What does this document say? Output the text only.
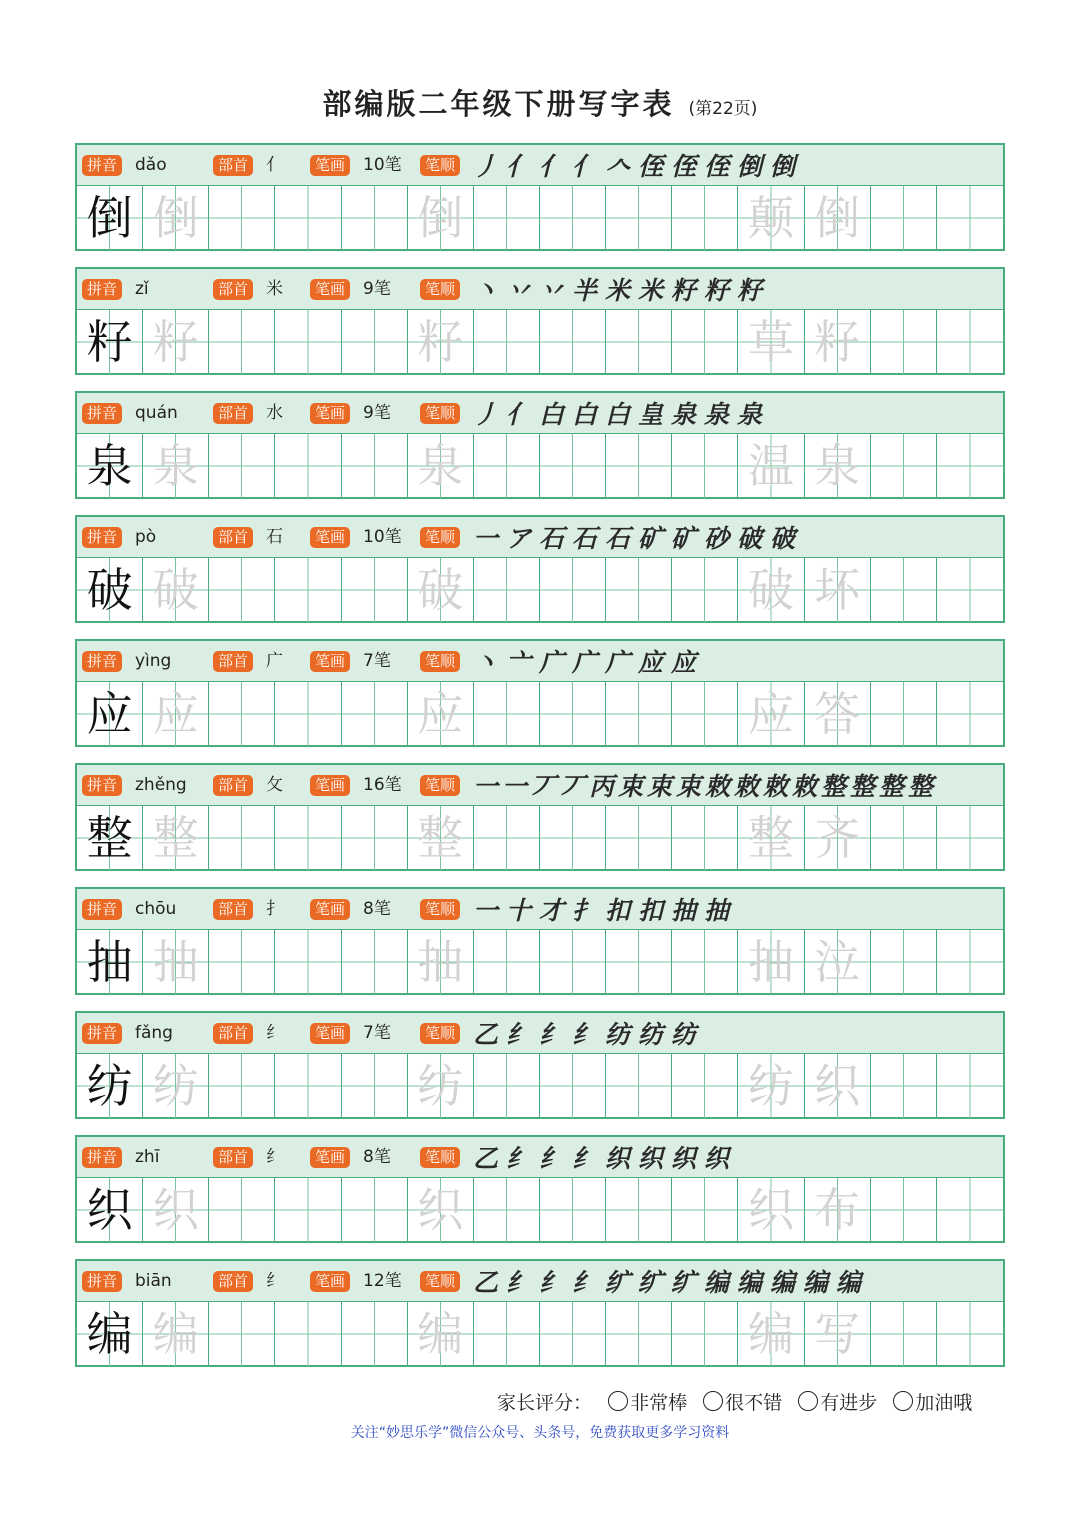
部编版二年级下册写字表 (第22页)
拼音	部首	笔画	笔顺
dǎo	亻	10笔	丿 亻 亻 亻 𠆢 侄 侄 侄 倒 倒
倒 倒	倒	颠 倒
拼音	部首	笔画	笔顺
zǐ	米	9笔	丶 丷 丷 半 米 米 籽 籽 籽
籽 籽	籽	草 籽
拼音	部首	笔画	笔顺
quán	水	9笔	丿 亻 白 白 白 皇 泉 泉 泉
泉 泉	泉	温 泉
拼音	部首	笔画	笔顺
pò	石	10笔	一 ア 石 石 石 矿 矿 砂 破 破
破 破	破	破 坏
拼音	部首	笔画	笔顺
yìng	广	7笔	丶 亠 广 广 广 应 应
应 应	应	应 答
拼音	部首	笔画	笔顺
zhěng	攵	16笔	一 一 丆 丆 丙 束 束 束 敕 敕 敕 敕 整 整 整 整
整 整	整	整 齐
拼音	部首	笔画	笔顺
chōu	扌	8笔	一 十 才 扌 扣 扣 抽 抽
抽 抽	抽	抽 泣
拼音	部首	笔画	笔顺
fǎng	纟	7笔	乙 纟 纟 纟 纺 纺 纺
纺 纺	纺	纺 织
拼音	部首	笔画	笔顺
zhī	纟	8笔	乙 纟 纟 纟 织 织 织 织
织 织	织	织 布
拼音	部首	笔画	笔顺
biān	纟	12笔	乙 纟 纟 纟 纩 纩 纩 编 编 编 编 编
编 编	编	编 写
家长评分： 非常棒 很不错 有进步 加油哦
关注“妙思乐学”微信公众号、头条号，免费获取更多学习资料
